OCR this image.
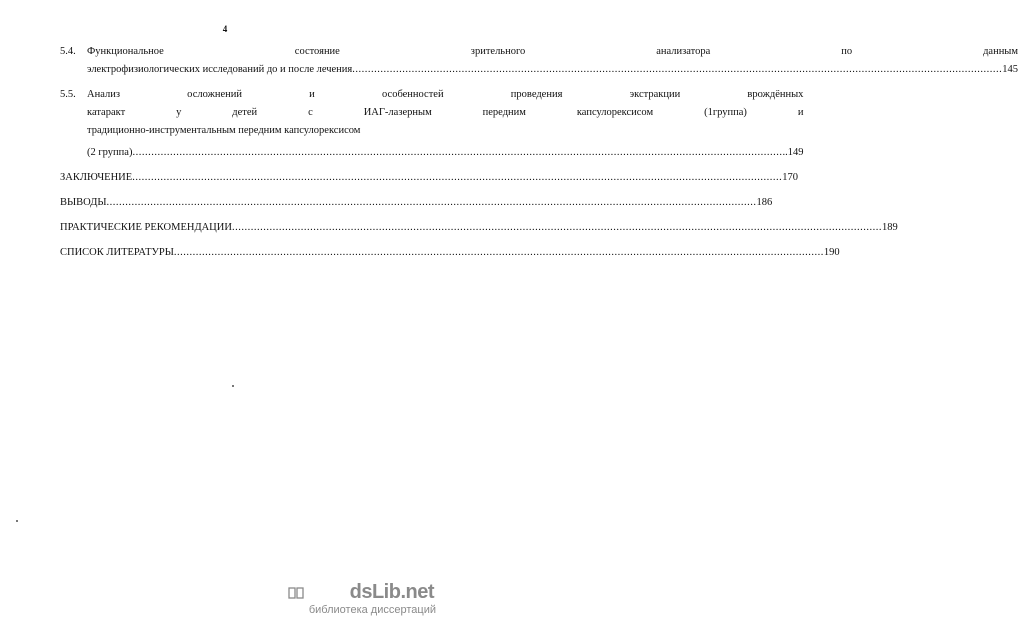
4
5.4.	Функциональное состояние зрительного анализатора по данным
электрофизиологических исследований до и после лечения .....	145
5.5.	Анализ осложнений и особенностей проведения экстракции врождённых
катаракт у детей с ИАГ-лазерным передним капсулорексисом (1группа) и
традиционно-инструментальным передним капсулорексисом
(2 группа) .....	..149
ЗАКЛЮЧЕНИЕ .....	170
ВЫВОДЫ .....	186
ПРАКТИЧЕСКИЕ РЕКОМЕНДАЦИИ .....	189
СПИСОК ЛИТЕРАТУРЫ .....	190
dsLib.net
библиотека диссертаций
